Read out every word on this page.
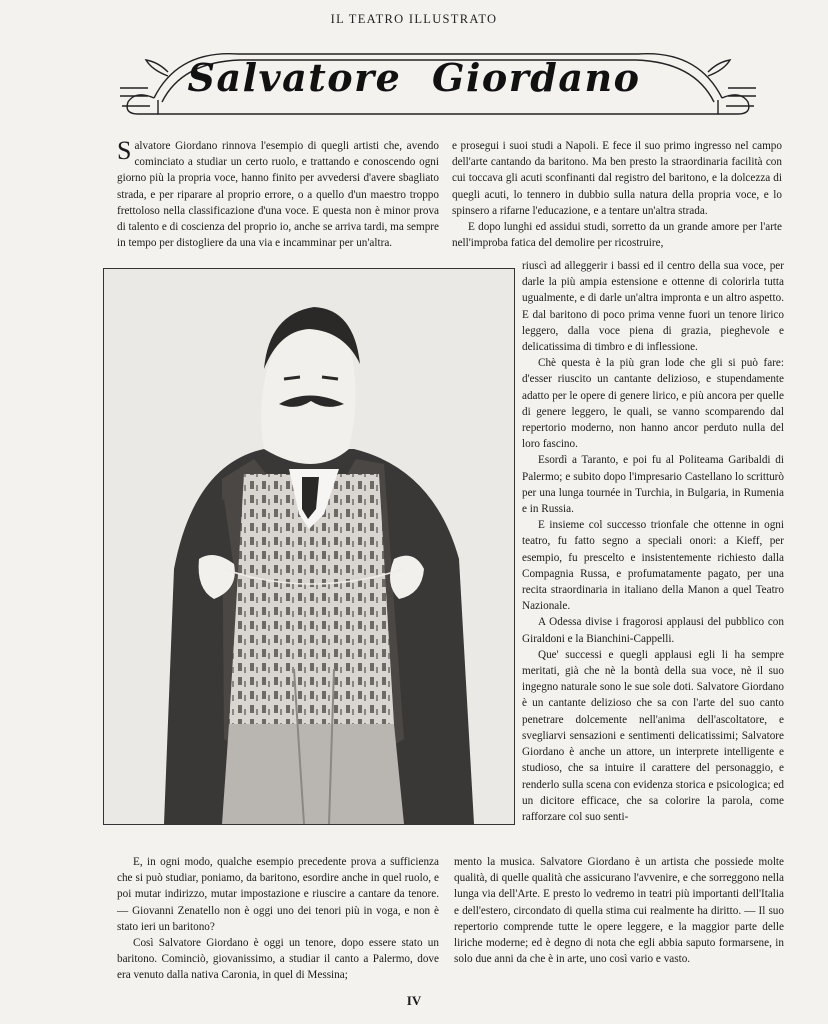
IL TEATRO ILLUSTRATO
Salvatore Giordano

Salvatore Giordano rinnova l'esempio di quegli artisti che, avendo cominciato a studiar un certo ruolo, e trattando e conoscendo ogni giorno più la propria voce, hanno finito per avvedersi d'avere sbagliato strada, e per riparare al proprio errore, o a quello d'un maestro troppo frettoloso nella classificazione d'una voce. E questa non è minor prova di talento e di coscienza del proprio io, anche se arriva tardi, ma sempre in tempo per distogliere da una via e incamminar per un'altra.

e prosegui i suoi studi a Napoli. E fece il suo primo ingresso nel campo dell'arte cantando da baritono. Ma ben presto la straordinaria facilità con cui toccava gli acuti sconfinanti dal registro del baritono, e la dolcezza di quegli acuti, lo tennero in dubbio sulla natura della propria voce, e lo spinsero a rifarne l'educazione, e a tentare un'altra strada.

E dopo lunghi ed assidui studi, sorretto da un grande amore per l'arte nell'improba fatica del demolire per ricostruire,

riuscì ad alleggerir i bassi ed il centro della sua voce, per darle la più ampia estensione e ottenne di colorirla tutta ugualmente, e di darle un'altra impronta e un altro aspetto. E dal baritono di poco prima venne fuori un tenore lirico leggero, dalla voce piena di grazia, pieghevole e delicatissima di timbro e di inflessione.

Chè questa è la più gran lode che gli si può fare: d'esser riuscito un cantante delizioso, e stupendamente adatto per le opere di genere lirico, e più ancora per quelle di genere leggero, le quali, se vanno scomparendo dal repertorio moderno, non hanno ancor perduto nulla del loro fascino.

Esordì a Taranto, e poi fu al Politeama Garibaldi di Palermo; e subito dopo l'impresario Castellano lo scritturò per una lunga tournée in Turchia, in Bulgaria, in Rumenia e in Russia.

E insieme col successo trionfale che ottenne in ogni teatro, fu fatto segno a speciali onori: a Kieff, per esempio, fu prescelto e insistentemente richiesto dalla Compagnia Russa, e profumatamente pagato, per una recita straordinaria in italiano della Manon a quel Teatro Nazionale.

A Odessa divise i fragorosi applausi del pubblico con Giraldoni e la Bianchini-Cappelli.

Que' successi e quegli applausi egli li ha sempre meritati, già che nè la bontà della sua voce, nè il suo ingegno naturale sono le sue sole doti. Salvatore Giordano è un cantante delizioso che sa con l'arte del suo canto penetrare dolcemente nell'anima dell'ascoltatore, e svegliarvi sensazioni e sentimenti delicatissimi; Salvatore Giordano è anche un attore, un interprete intelligente e studioso, che sa intuire il carattere del personaggio, e renderlo sulla scena con evidenza storica e psicologica; ed un dicitore efficace, che sa colorire la parola, come rafforzare col suo senti-

E, in ogni modo, qualche esempio precedente prova a sufficienza che si può studiar, poniamo, da baritono, esordire anche in quel ruolo, e poi mutar indirizzo, mutar impostazione e riuscire a cantare da tenore. — Giovanni Zenatello non è oggi uno dei tenori più in voga, e non è stato ieri un baritono?

Così Salvatore Giordano è oggi un tenore, dopo essere stato un baritono. Cominciò, giovanissimo, a studiar il canto a Palermo, dove era venuto dalla nativa Caronia, in quel di Messina;

mento la musica. Salvatore Giordano è un artista che possiede molte qualità, di quelle qualità che assicurano l'avvenire, e che sorreggono nella lunga via dell'Arte. E presto lo vedremo in teatri più importanti dell'Italia e dell'estero, circondato di quella stima cui realmente ha diritto. — Il suo repertorio comprende tutte le opere leggere, e la maggior parte delle liriche moderne; ed è degno di nota che egli abbia saputo formarsene, in solo due anni da che è in arte, uno così vario e vasto.

IV
